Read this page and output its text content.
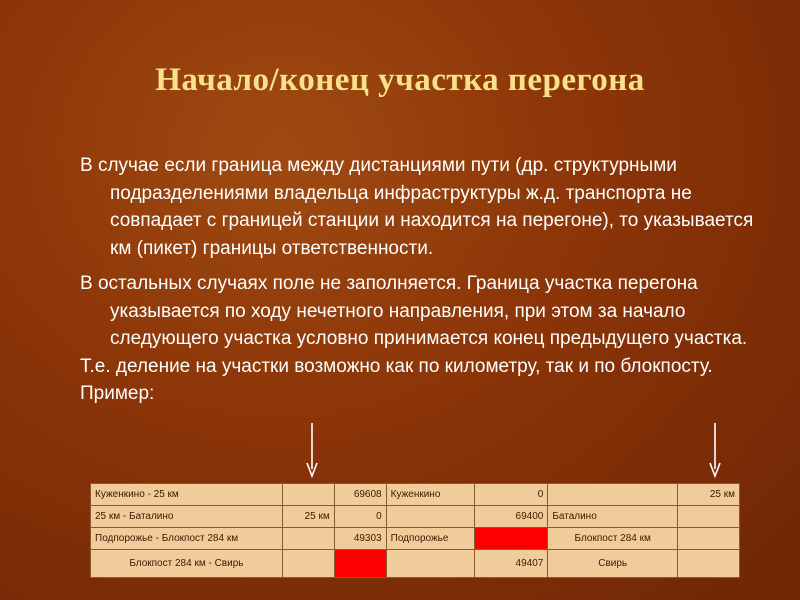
Начало/конец участка перегона

В случае если граница между дистанциями пути (др. структурными подразделениями владельца инфраструктуры ж.д. транспорта не совпадает с границей станции и находится на перегоне), то указывается км (пикет) границы ответственности.

В остальных случаях поле не заполняется. Граница участка перегона указывается по ходу нечетного направления, при этом за начало следующего участка условно принимается конец предыдущего участка.

Т.е. деление на участки возможно как по километру, так и по блокпосту.

Пример:

Куженкино - 25 км		69608	Куженкино	0		25 км
25 км - Баталино	25 км	0		69400	Баталино	
Подпорожье - Блокпост 284 км		49303	Подпорожье		Блокпост 284 км	
Блокпост 284 км - Свирь				49407	Свирь	
